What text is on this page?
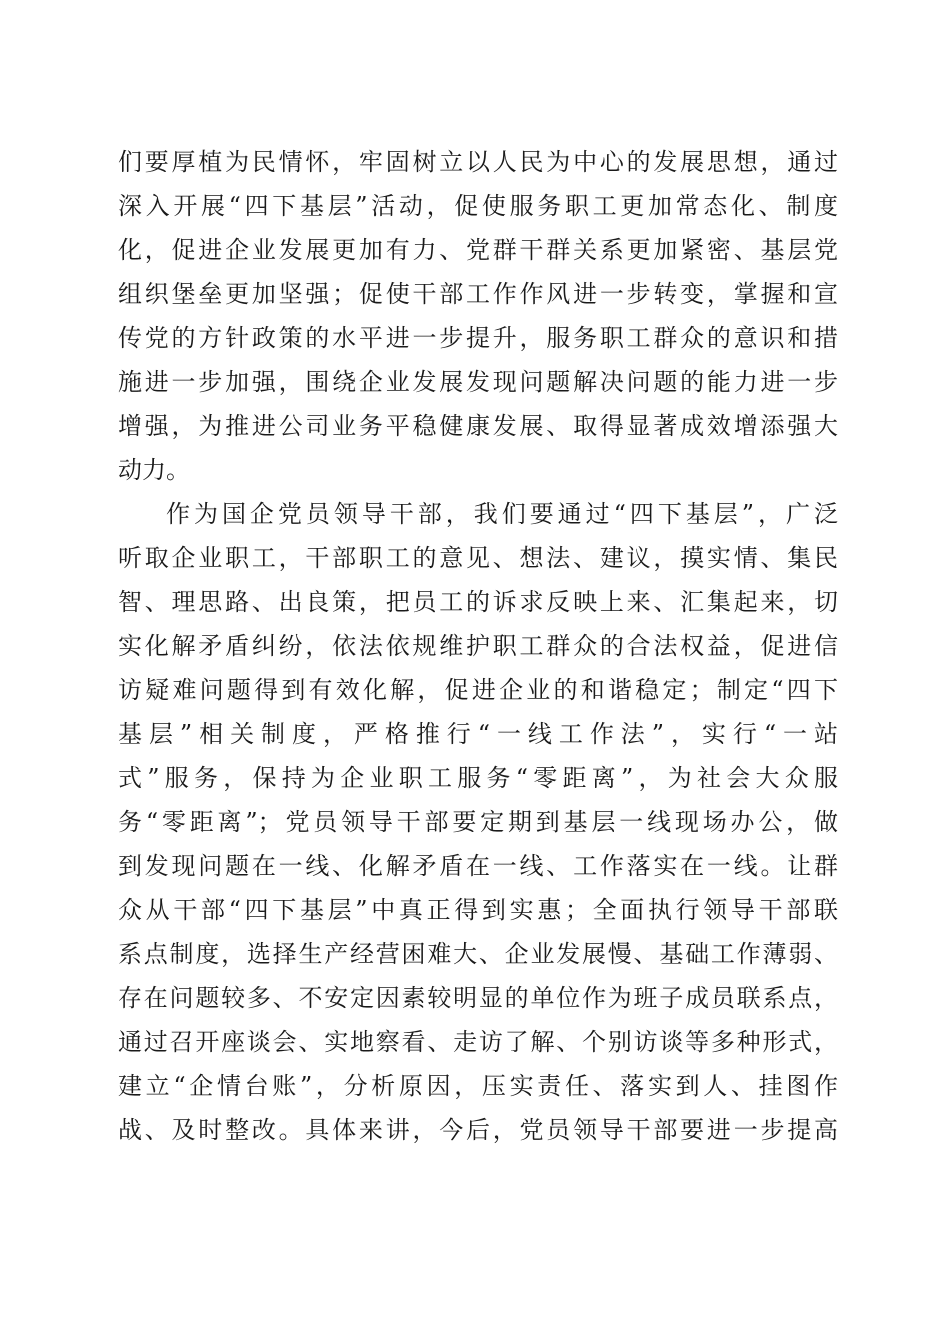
们要厚植为民情怀，牢固树立以人民为中心的发展思想，通过
深入开展“四下基层”活动，促使服务职工更加常态化、制度
化，促进企业发展更加有力、党群干群关系更加紧密、基层党
组织堡垒更加坚强；促使干部工作作风进一步转变，掌握和宣
传党的方针政策的水平进一步提升，服务职工群众的意识和措
施进一步加强，围绕企业发展发现问题解决问题的能力进一步
增强，为推进公司业务平稳健康发展、取得显著成效增添强大
动力。
作为国企党员领导干部，我们要通过“四下基层”，广泛
听取企业职工，干部职工的意见、想法、建议，摸实情、集民
智、理思路、出良策，把员工的诉求反映上来、汇集起来，切
实化解矛盾纠纷，依法依规维护职工群众的合法权益，促进信
访疑难问题得到有效化解，促进企业的和谐稳定；制定“四下
基层”相关制度，严格推行“一线工作法”，实行“一站
式”服务，保持为企业职工服务“零距离”，为社会大众服
务“零距离”；党员领导干部要定期到基层一线现场办公，做
到发现问题在一线、化解矛盾在一线、工作落实在一线。让群
众从干部“四下基层”中真正得到实惠；全面执行领导干部联
系点制度，选择生产经营困难大、企业发展慢、基础工作薄弱、
存在问题较多、不安定因素较明显的单位作为班子成员联系点，
通过召开座谈会、实地察看、走访了解、个别访谈等多种形式，
建立“企情台账”，分析原因，压实责任、落实到人、挂图作
战、及时整改。具体来讲，今后，党员领导干部要进一步提高
